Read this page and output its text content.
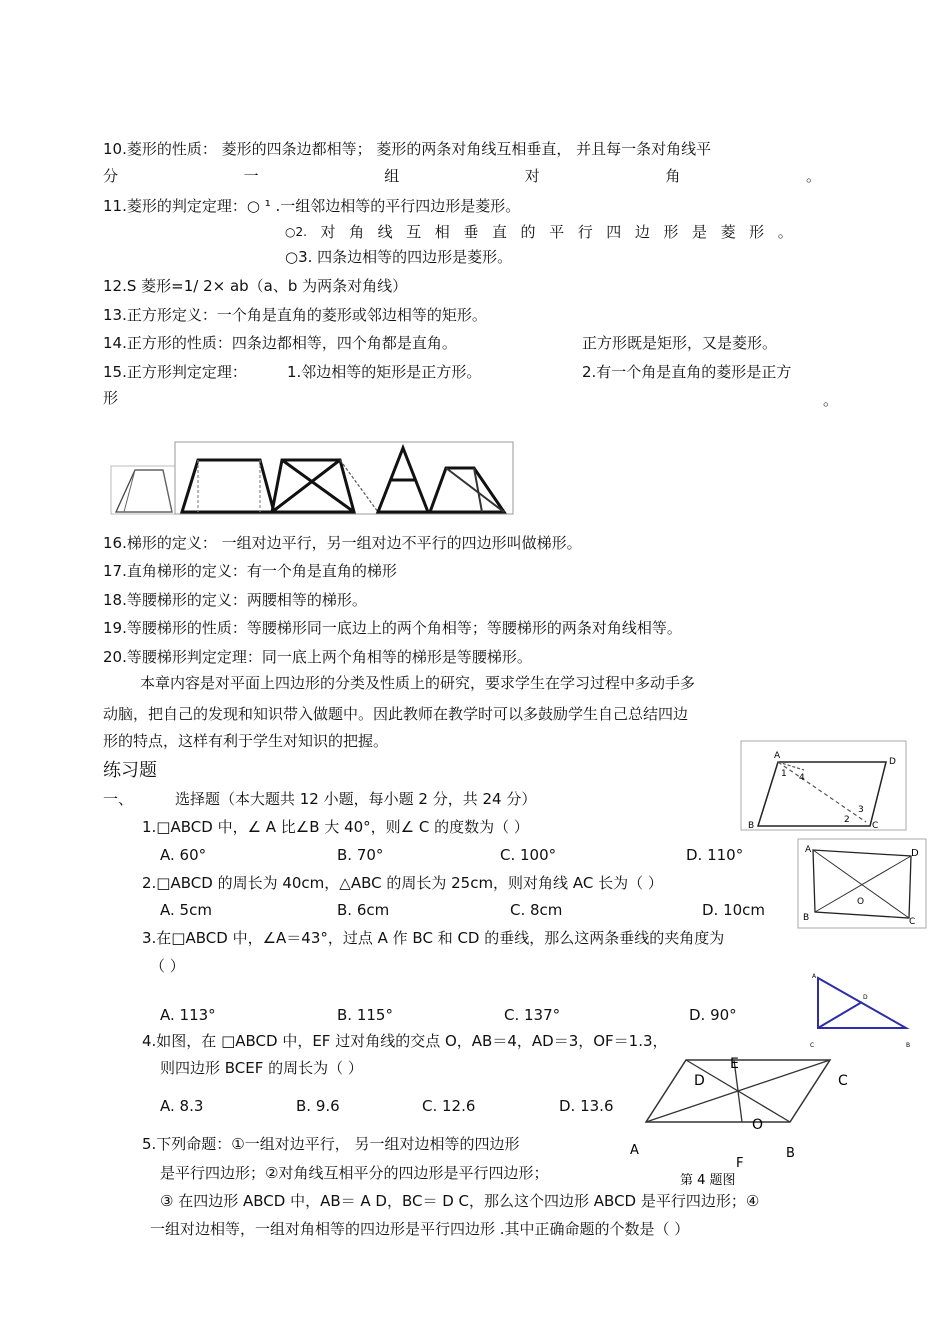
10.菱形的性质： 菱形的四条边都相等； 菱形的两条对角线互相垂直， 并且每一条对角线平
分	一	组	对	角	。
11.菱形的判定定理：○ ¹ .一组邻边相等的平行四边形是菱形。
○2. 对 角 线 互 相 垂 直 的 平 行 四 边 形 是 菱 形 。
○3. 四条边相等的四边形是菱形。
12.S 菱形=1/ 2× ab（a、b 为两条对角线）
13.正方形定义：一个角是直角的菱形或邻边相等的矩形。
14.正方形的性质：四条边都相等，四个角都是直角。	正方形既是矩形，又是菱形。
15.正方形判定定理：	1.邻边相等的矩形是正方形。	2.有一个角是直角的菱形是正方
形	。
16.梯形的定义： 一组对边平行，另一组对边不平行的四边形叫做梯形。
17.直角梯形的定义：有一个角是直角的梯形
18.等腰梯形的定义：两腰相等的梯形。
19.等腰梯形的性质：等腰梯形同一底边上的两个角相等；等腰梯形的两条对角线相等。
20.等腰梯形判定定理：同一底上两个角相等的梯形是等腰梯形。
本章内容是对平面上四边形的分类及性质上的研究，要求学生在学习过程中多动手多
动脑，把自己的发现和知识带入做题中。因此教师在教学时可以多鼓励学生自己总结四边
形的特点，这样有利于学生对知识的把握。
练习题
一、	选择题（本大题共 12 小题，每小题 2 分，共 24 分）
1.□ABCD 中，∠ A 比∠B 大 40°，则∠ C 的度数为（ ）
A. 60°	B. 70°	C. 100°	D. 110°
2.□ABCD 的周长为 40cm，△ABC 的周长为 25cm，则对角线 AC 长为（ ）
A. 5cm	B. 6cm	C. 8cm	D. 10cm
3.在□ABCD 中，∠A＝43°，过点 A 作 BC 和 CD 的垂线，那么这两条垂线的夹角度为
（ ）
A. 113°	B. 115°	C. 137°	D. 90°
4.如图，在 □ABCD 中，EF 过对角线的交点 O，AB＝4，AD＝3，OF＝1.3，
则四边形 BCEF 的周长为（ ）
A. 8.3	B. 9.6	C. 12.6	D. 13.6
5.下列命题：①一组对边平行， 另一组对边相等的四边形
是平行四边形；②对角线互相平分的四边形是平行四边形；
③ 在四边形 ABCD 中，AB＝ A D，BC＝ D C，那么这个四边形 ABCD 是平行四边形；④
一组对边相等，一组对角相等的四边形是平行四边形 .其中正确命题的个数是（ ）
A
D
B	C
1 4
3
2
A	D
B	C
O
A
D
C	B
D
E
C
A
O
B
F
第 4 题图
